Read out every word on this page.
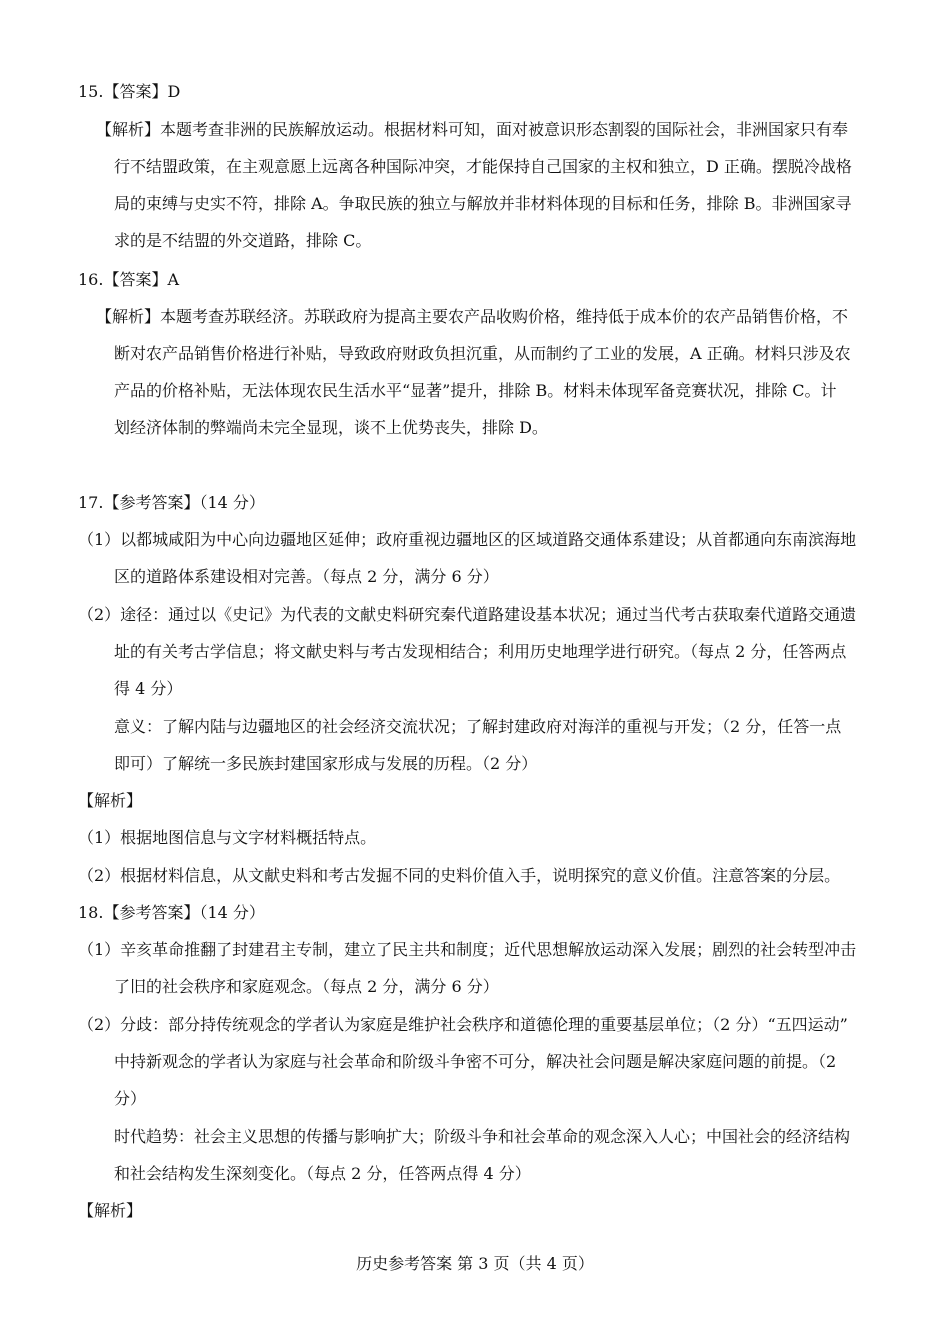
15.【答案】D
【解析】本题考查非洲的民族解放运动。根据材料可知，面对被意识形态割裂的国际社会，非洲国家只有奉
行不结盟政策，在主观意愿上远离各种国际冲突，才能保持自己国家的主权和独立，D 正确。摆脱冷战格
局的束缚与史实不符，排除 A。争取民族的独立与解放并非材料体现的目标和任务，排除 B。非洲国家寻
求的是不结盟的外交道路，排除 C。
16.【答案】A
【解析】本题考查苏联经济。苏联政府为提高主要农产品收购价格，维持低于成本价的农产品销售价格，不
断对农产品销售价格进行补贴，导致政府财政负担沉重，从而制约了工业的发展，A 正确。材料只涉及农
产品的价格补贴，无法体现农民生活水平“显著”提升，排除 B。材料未体现军备竞赛状况，排除 C。计
划经济体制的弊端尚未完全显现，谈不上优势丧失，排除 D。
17.【参考答案】（14 分）
（1）以都城咸阳为中心向边疆地区延伸；政府重视边疆地区的区域道路交通体系建设；从首都通向东南滨海地
区的道路体系建设相对完善。（每点 2 分，满分 6 分）
（2）途径：通过以《史记》为代表的文献史料研究秦代道路建设基本状况；通过当代考古获取秦代道路交通遗
址的有关考古学信息；将文献史料与考古发现相结合；利用历史地理学进行研究。（每点 2 分，任答两点
得 4 分）
意义：了解内陆与边疆地区的社会经济交流状况；了解封建政府对海洋的重视与开发；（2 分，任答一点
即可）了解统一多民族封建国家形成与发展的历程。（2 分）
【解析】
（1）根据地图信息与文字材料概括特点。
（2）根据材料信息，从文献史料和考古发掘不同的史料价值入手，说明探究的意义价值。注意答案的分层。
18.【参考答案】（14 分）
（1）辛亥革命推翻了封建君主专制，建立了民主共和制度；近代思想解放运动深入发展；剧烈的社会转型冲击
了旧的社会秩序和家庭观念。（每点 2 分，满分 6 分）
（2）分歧：部分持传统观念的学者认为家庭是维护社会秩序和道德伦理的重要基层单位；（2 分）“五四运动”
中持新观念的学者认为家庭与社会革命和阶级斗争密不可分，解决社会问题是解决家庭问题的前提。（2
分）
时代趋势：社会主义思想的传播与影响扩大；阶级斗争和社会革命的观念深入人心；中国社会的经济结构
和社会结构发生深刻变化。（每点 2 分，任答两点得 4 分）
【解析】
历史参考答案 第 3 页（共 4 页）
